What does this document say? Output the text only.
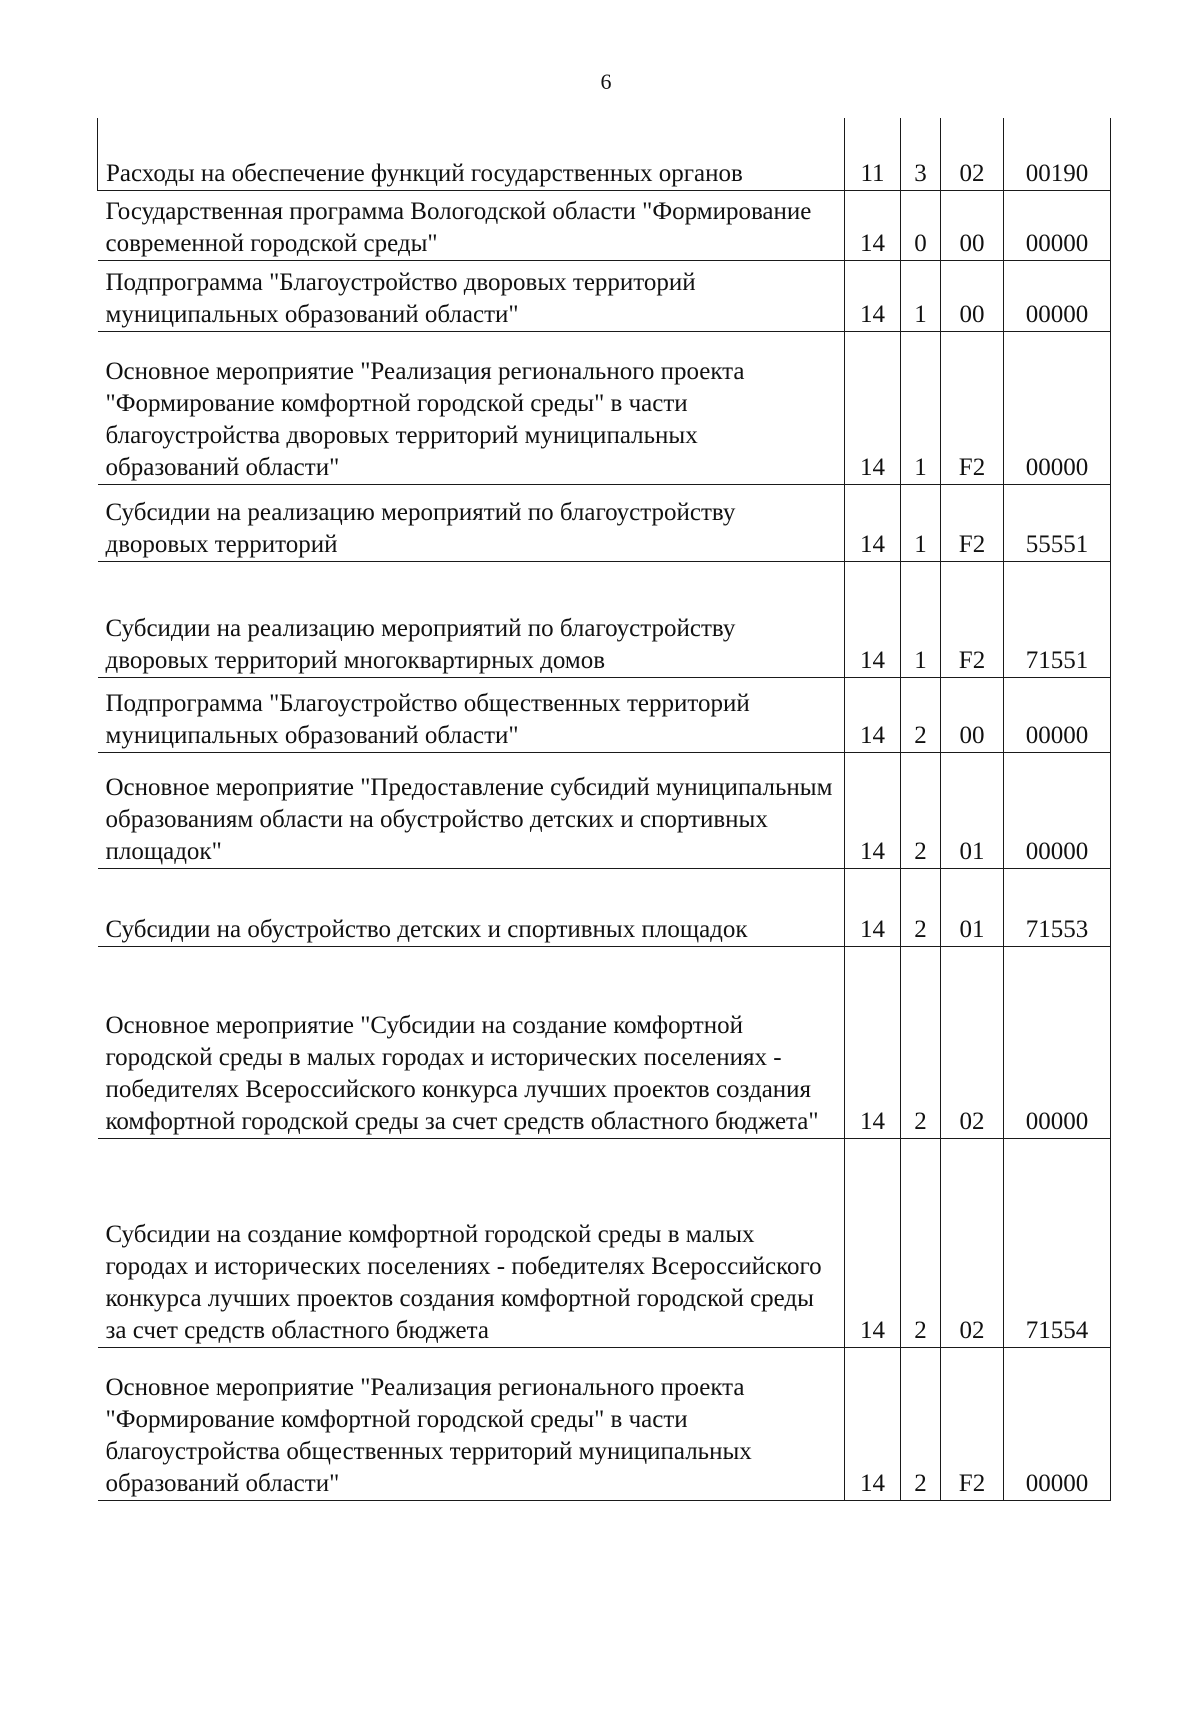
6
Расходы на обеспечение функций государственных органов	11	3	02	00190
Государственная программа Вологодской области "Формирование современной городской среды"	14	0	00	00000
Подпрограмма "Благоустройство дворовых территорий муниципальных образований области"	14	1	00	00000
Основное мероприятие "Реализация регионального проекта "Формирование комфортной городской среды" в части благоустройства дворовых территорий муниципальных образований области"	14	1	F2	00000
Субсидии на реализацию мероприятий по благоустройству дворовых территорий	14	1	F2	55551
Субсидии на реализацию мероприятий по благоустройству дворовых территорий многоквартирных домов	14	1	F2	71551
Подпрограмма "Благоустройство общественных территорий муниципальных образований области"	14	2	00	00000
Основное мероприятие "Предоставление субсидий муниципальным образованиям области на обустройство детских и спортивных площадок"	14	2	01	00000
Субсидии на обустройство детских и спортивных площадок	14	2	01	71553
Основное мероприятие "Субсидии на создание комфортной городской среды в малых городах и исторических поселениях - победителях Всероссийского конкурса лучших проектов создания комфортной городской среды за счет средств областного бюджета"	14	2	02	00000
Субсидии на создание комфортной городской среды в малых городах и исторических поселениях - победителях Всероссийского конкурса лучших проектов создания комфортной городской среды за счет средств областного бюджета	14	2	02	71554
Основное мероприятие "Реализация регионального проекта "Формирование комфортной городской среды" в части благоустройства общественных территорий муниципальных образований области"	14	2	F2	00000
